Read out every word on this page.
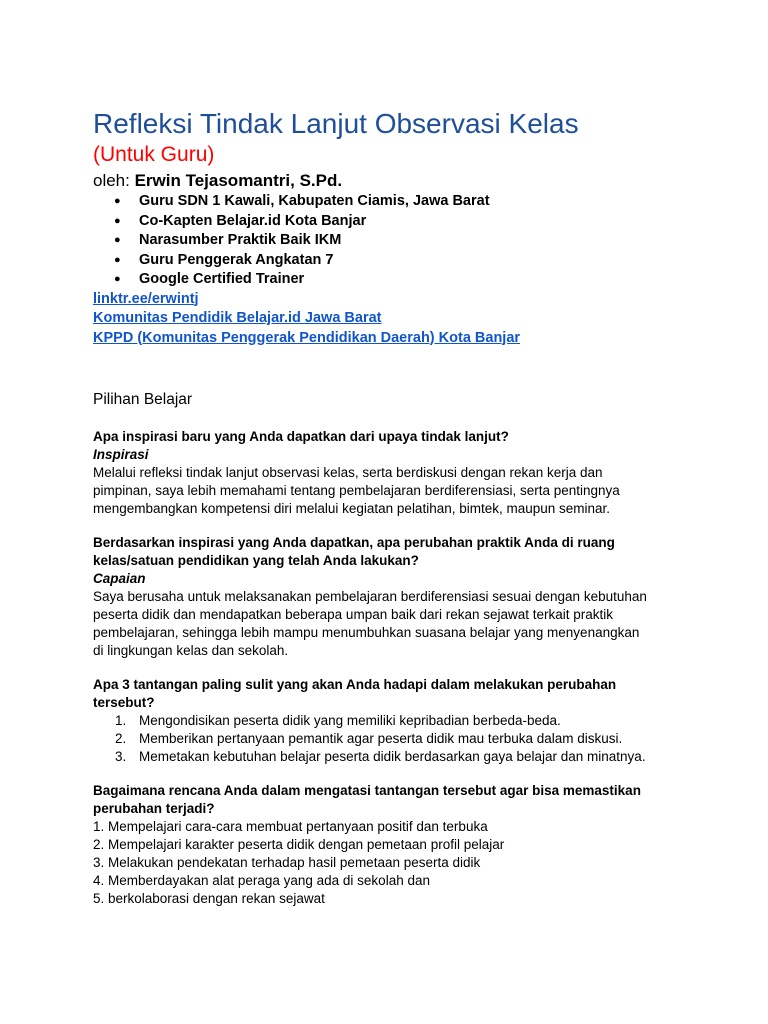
Refleksi Tindak Lanjut Observasi Kelas
(Untuk Guru)

oleh: Erwin Tejasomantri, S.Pd.

● Guru SDN 1 Kawali, Kabupaten Ciamis, Jawa Barat
● Co-Kapten Belajar.id Kota Banjar
● Narasumber Praktik Baik IKM
● Guru Penggerak Angkatan 7
● Google Certified Trainer
linktr.ee/erwintj
Komunitas Pendidik Belajar.id Jawa Barat
KPPD (Komunitas Penggerak Pendidikan Daerah) Kota Banjar
Pilihan Belajar

Apa inspirasi baru yang Anda dapatkan dari upaya tindak lanjut?

Inspirasi

Melalui refleksi tindak lanjut observasi kelas, serta berdiskusi dengan rekan kerja dan

pimpinan, saya lebih memahami tentang pembelajaran berdiferensiasi, serta pentingnya

mengembangkan kompetensi diri melalui kegiatan pelatihan, bimtek, maupun seminar.

Berdasarkan inspirasi yang Anda dapatkan, apa perubahan praktik Anda di ruang

kelas/satuan pendidikan yang telah Anda lakukan?

Capaian

Saya berusaha untuk melaksanakan pembelajaran berdiferensiasi sesuai dengan kebutuhan

peserta didik dan mendapatkan beberapa umpan baik dari rekan sejawat terkait praktik

pembelajaran, sehingga lebih mampu menumbuhkan suasana belajar yang menyenangkan

di lingkungan kelas dan sekolah.

Apa 3 tantangan paling sulit yang akan Anda hadapi dalam melakukan perubahan

tersebut?

1. Mengondisikan peserta didik yang memiliki kepribadian berbeda-beda.
2. Memberikan pertanyaan pemantik agar peserta didik mau terbuka dalam diskusi.
3. Memetakan kebutuhan belajar peserta didik berdasarkan gaya belajar dan minatnya.

Bagaimana rencana Anda dalam mengatasi tantangan tersebut agar bisa memastikan

perubahan terjadi?

1. Mempelajari cara-cara membuat pertanyaan positif dan terbuka

2. Mempelajari karakter peserta didik dengan pemetaan profil pelajar

3. Melakukan pendekatan terhadap hasil pemetaan peserta didik

4. Memberdayakan alat peraga yang ada di sekolah dan

5. berkolaborasi dengan rekan sejawat
